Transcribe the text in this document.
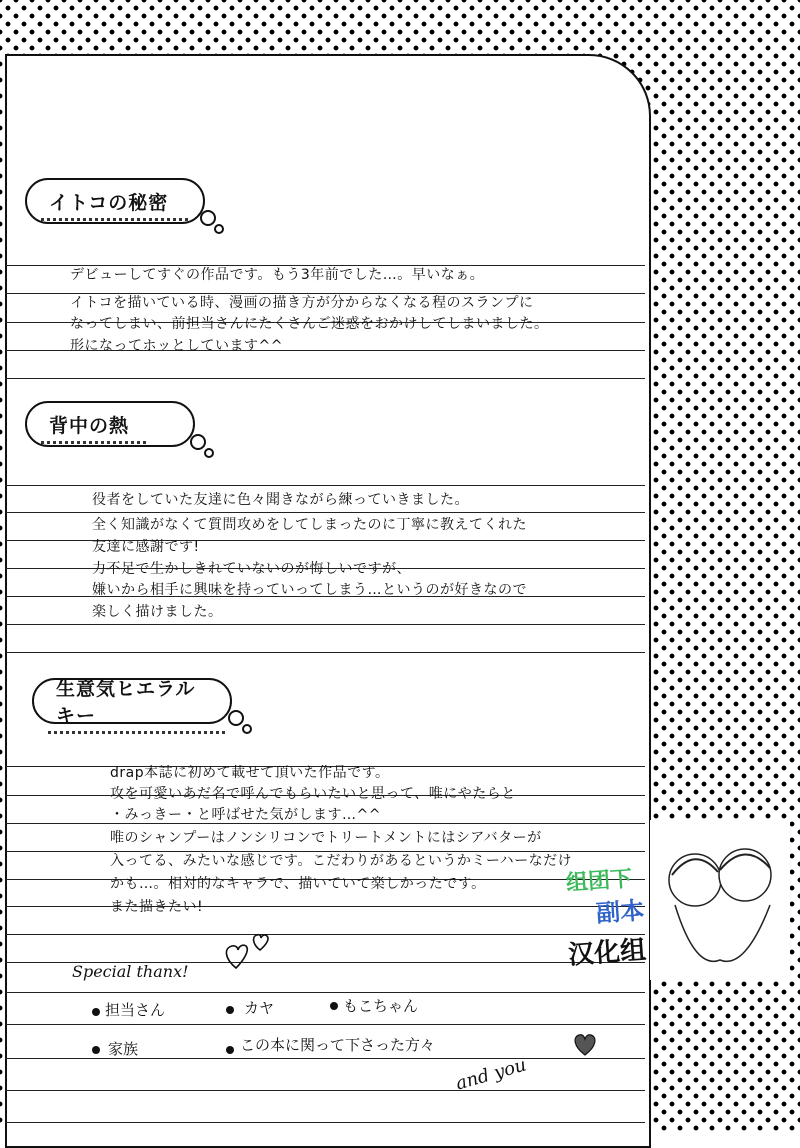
イトコの秘密
デビューしてすぐの作品です。もう3年前でした…。早いなぁ。
イトコを描いている時、漫画の描き方が分からなくなる程のスランプに
なってしまい、前担当さんにたくさんご迷惑をおかけしてしまいました。
形になってホッとしています^^
背中の熱
役者をしていた友達に色々聞きながら練っていきました。
全く知識がなくて質問攻めをしてしまったのに丁寧に教えてくれた
友達に感謝です!
力不足で生かしきれていないのが悔しいですが、
嫌いから相手に興味を持っていってしまう…というのが好きなので
楽しく描けました。
生意気ヒエラルキー
drap本誌に初めて載せて頂いた作品です。
攻を可愛いあだ名で呼んでもらいたいと思って、唯にやたらと
・みっきー・と呼ばせた気がします…^^
唯のシャンプーはノンシリコンでトリートメントにはシアバターが
入ってる、みたいな感じです。こだわりがあるというかミーハーなだけ
かも…。相対的なキャラで、描いていて楽しかったです。
また描きたい!
Special thanx!
担当さん	カヤ	もこちゃん
家族	この本に関って下さった方々
and you
组团下
副本
汉化组
